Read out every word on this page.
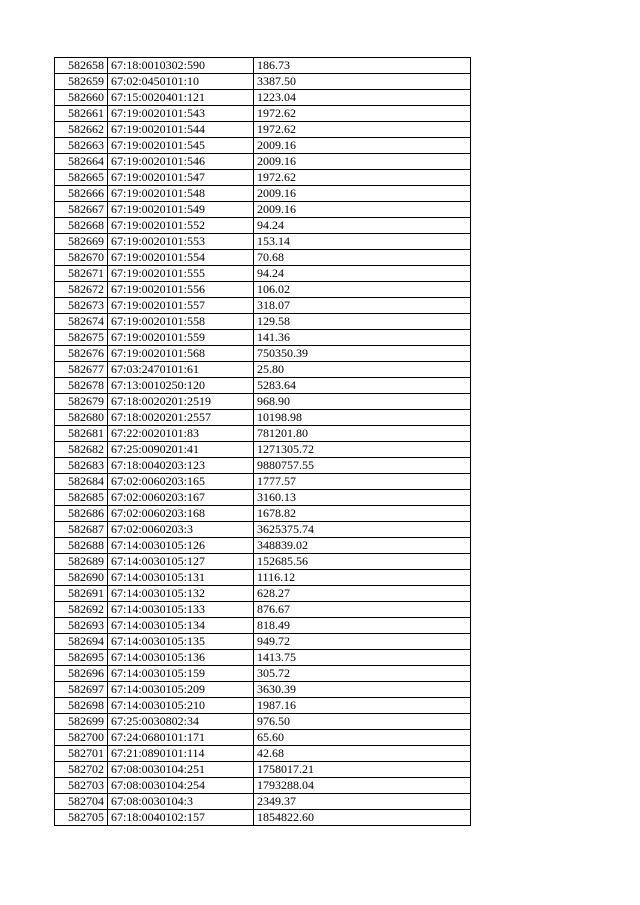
582658	67:18:0010302:590	186.73
582659	67:02:0450101:10	3387.50
582660	67:15:0020401:121	1223.04
582661	67:19:0020101:543	1972.62
582662	67:19:0020101:544	1972.62
582663	67:19:0020101:545	2009.16
582664	67:19:0020101:546	2009.16
582665	67:19:0020101:547	1972.62
582666	67:19:0020101:548	2009.16
582667	67:19:0020101:549	2009.16
582668	67:19:0020101:552	94.24
582669	67:19:0020101:553	153.14
582670	67:19:0020101:554	70.68
582671	67:19:0020101:555	94.24
582672	67:19:0020101:556	106.02
582673	67:19:0020101:557	318.07
582674	67:19:0020101:558	129.58
582675	67:19:0020101:559	141.36
582676	67:19:0020101:568	750350.39
582677	67:03:2470101:61	25.80
582678	67:13:0010250:120	5283.64
582679	67:18:0020201:2519	968.90
582680	67:18:0020201:2557	10198.98
582681	67:22:0020101:83	781201.80
582682	67:25:0090201:41	1271305.72
582683	67:18:0040203:123	9880757.55
582684	67:02:0060203:165	1777.57
582685	67:02:0060203:167	3160.13
582686	67:02:0060203:168	1678.82
582687	67:02:0060203:3	3625375.74
582688	67:14:0030105:126	348839.02
582689	67:14:0030105:127	152685.56
582690	67:14:0030105:131	1116.12
582691	67:14:0030105:132	628.27
582692	67:14:0030105:133	876.67
582693	67:14:0030105:134	818.49
582694	67:14:0030105:135	949.72
582695	67:14:0030105:136	1413.75
582696	67:14:0030105:159	305.72
582697	67:14:0030105:209	3630.39
582698	67:14:0030105:210	1987.16
582699	67:25:0030802:34	976.50
582700	67:24:0680101:171	65.60
582701	67:21:0890101:114	42.68
582702	67:08:0030104:251	1758017.21
582703	67:08:0030104:254	1793288.04
582704	67:08:0030104:3	2349.37
582705	67:18:0040102:157	1854822.60
